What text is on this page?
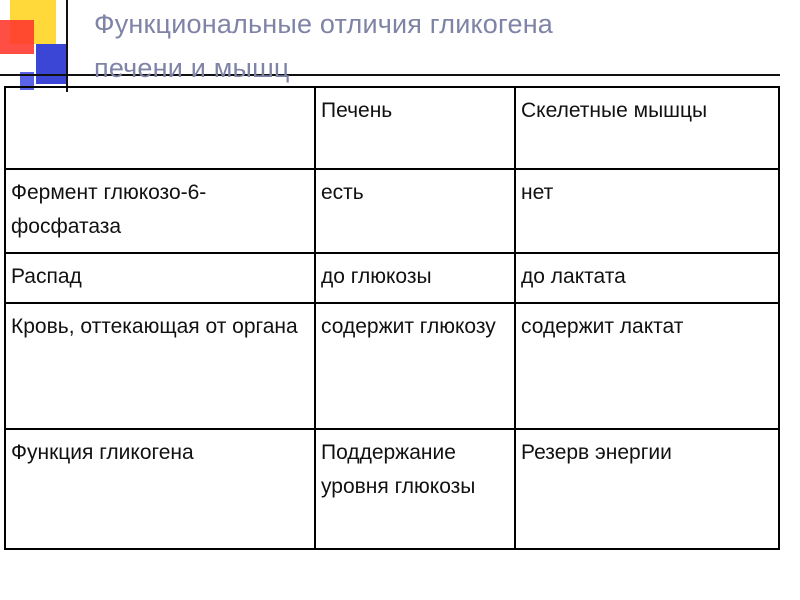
Функциональные отличия гликогена
печени и мышц
	Печень	Скелетные мышцы
Фермент глюкозо-6-фосфатаза	есть	нет
Распад	до глюкозы	до лактата
Кровь, оттекающая от органа	содержит глюкозу	содержит лактат
Функция гликогена	Поддержание уровня глюкозы	Резерв энергии
